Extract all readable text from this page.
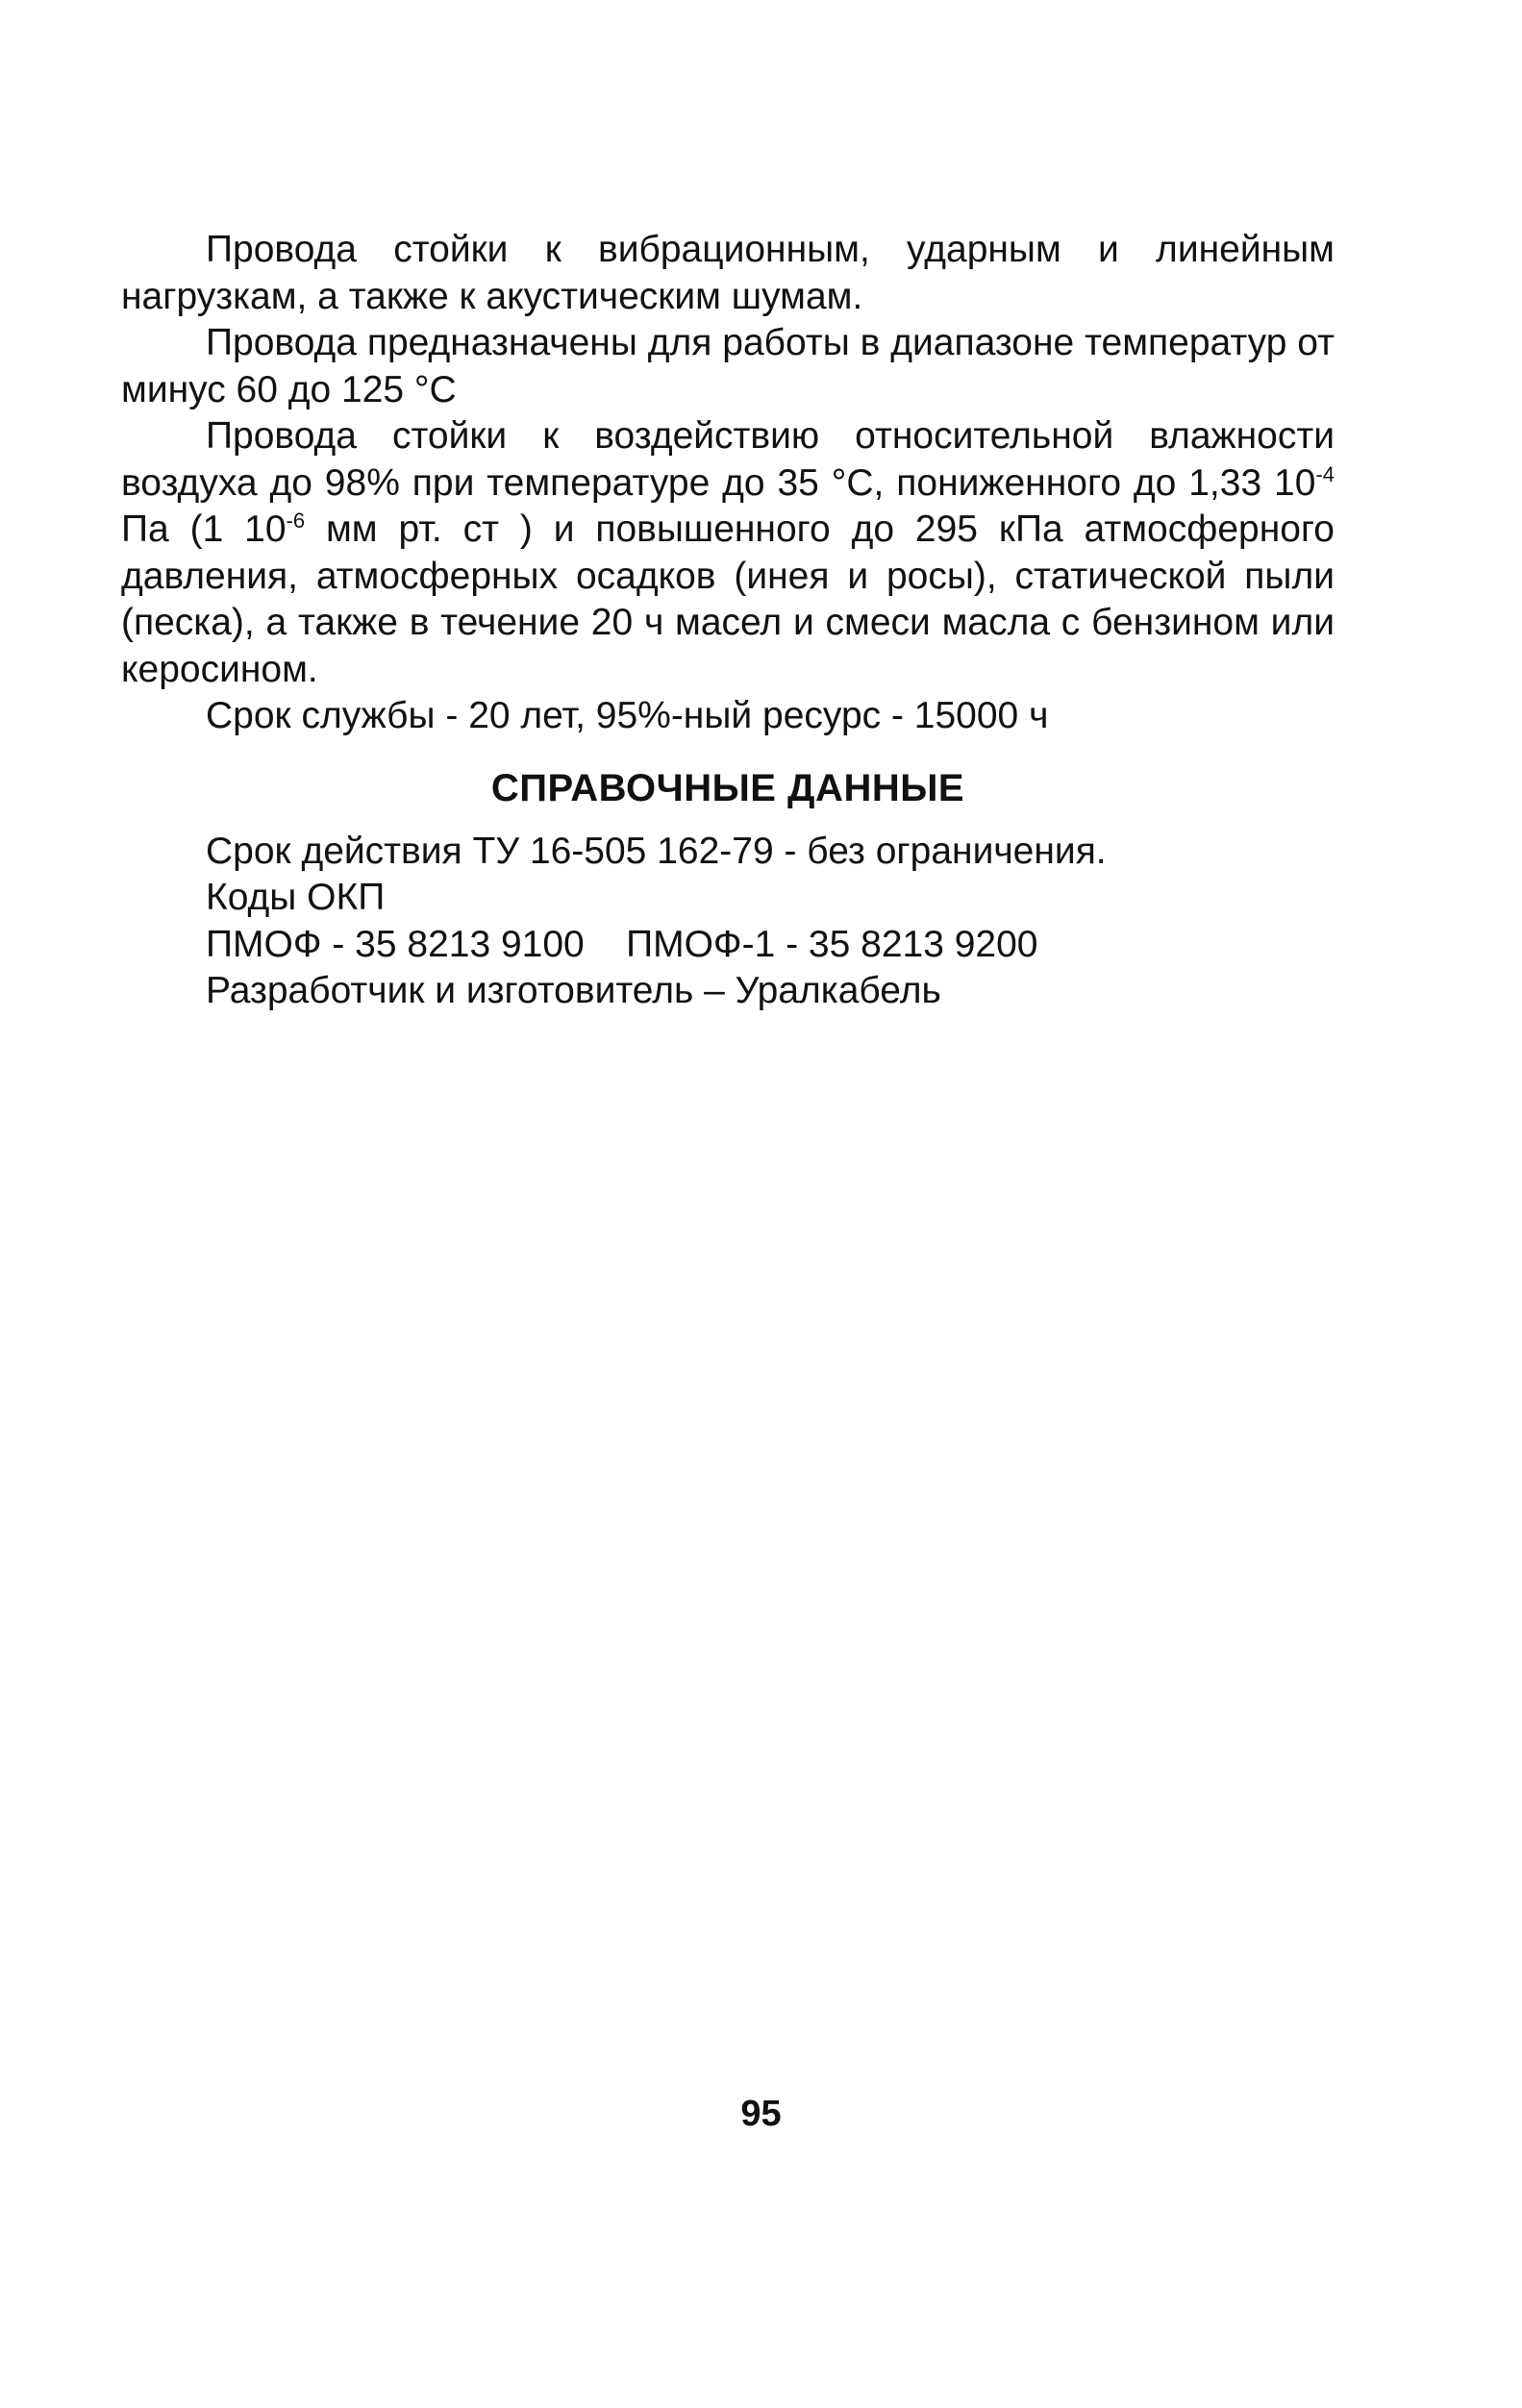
Провода стойки к вибрационным, ударным и линейным нагрузкам, а также к акустическим шумам.

Провода предназначены для работы в диапазоне температур от минус 60 до 125 °С

Провода стойки к воздействию относительной влажности воздуха до 98% при температуре до 35 °С, пониженного до 1,33 $10^{-4}$ Па (1 $10^{-6}$ мм рт. ст ) и повышенного до 295 кПа атмосферного давления, атмосферных осадков (инея и росы), статической пыли (песка), а также в течение 20 ч масел и смеси масла с бензином или керосином.

Срок службы - 20 лет, 95%-ный ресурс - 15000 ч

СПРАВОЧНЫЕ ДАННЫЕ

Срок действия ТУ 16-505 162-79 - без ограничения.

Коды ОКП

ПМОФ - 35 8213 9100    ПМОФ-1 - 35 8213 9200

Разработчик и изготовитель – Уралкабель

95
